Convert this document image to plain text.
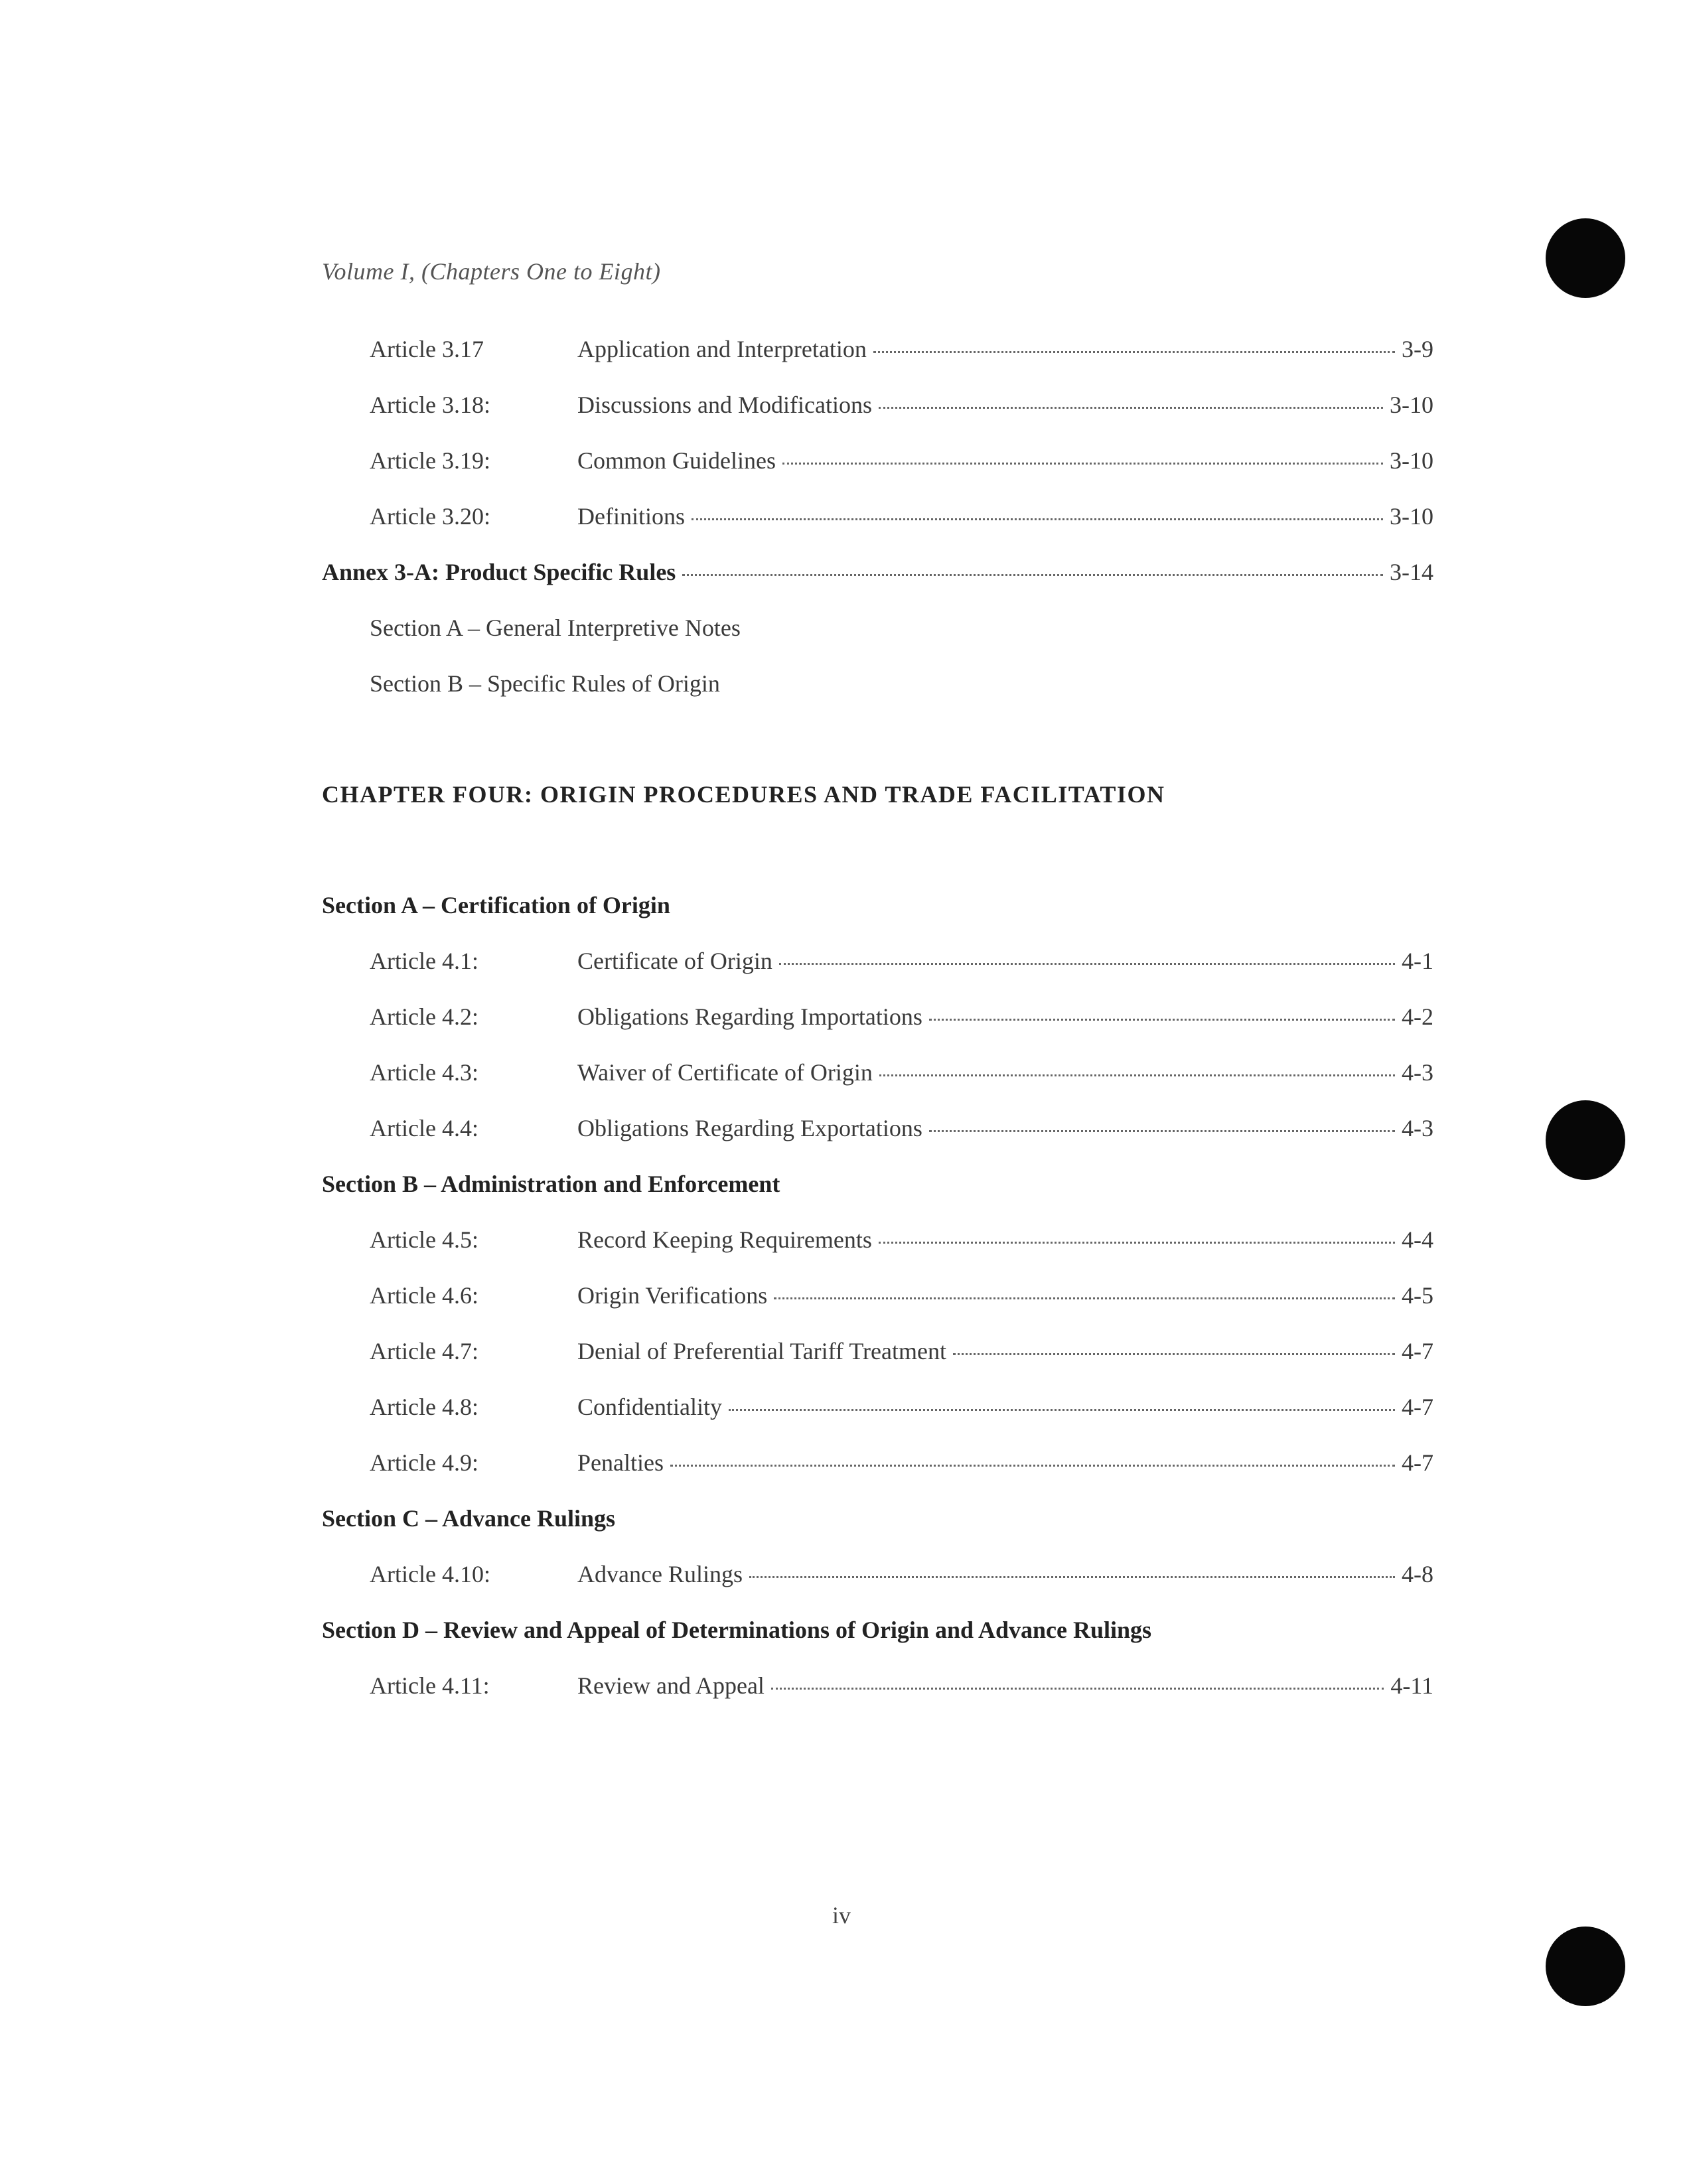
Volume I, (Chapters One to Eight)
Article 3.17	Application and Interpretation	3-9
Article 3.18:	Discussions and Modifications	3-10
Article 3.19:	Common Guidelines	3-10
Article 3.20:	Definitions	3-10
Annex 3-A: Product Specific Rules	3-14
Section A – General Interpretive Notes
Section B – Specific Rules of Origin
CHAPTER FOUR: ORIGIN PROCEDURES AND TRADE FACILITATION
Section A – Certification of Origin
Article 4.1:	Certificate of Origin	4-1
Article 4.2:	Obligations Regarding Importations	4-2
Article 4.3:	Waiver of Certificate of Origin	4-3
Article 4.4:	Obligations Regarding Exportations	4-3
Section B – Administration and Enforcement
Article 4.5:	Record Keeping Requirements	4-4
Article 4.6:	Origin Verifications	4-5
Article 4.7:	Denial of Preferential Tariff Treatment	4-7
Article 4.8:	Confidentiality	4-7
Article 4.9:	Penalties	4-7
Section C – Advance Rulings
Article 4.10:	Advance Rulings	4-8
Section D – Review and Appeal of Determinations of Origin and Advance Rulings
Article 4.11:	Review and Appeal	4-11
iv
